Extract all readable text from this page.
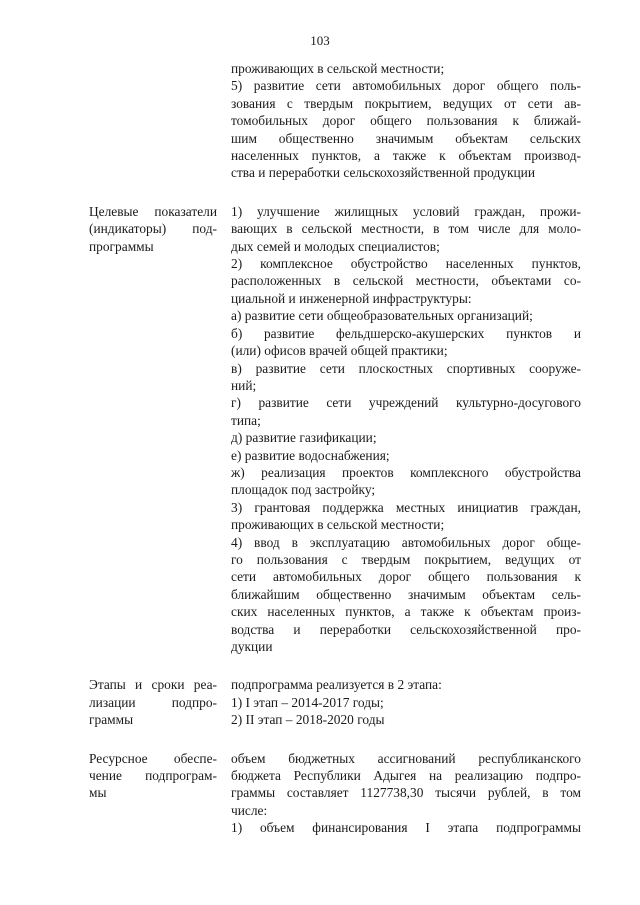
103
проживающих в сельской местности;
5) развитие сети автомобильных дорог общего поль-
зования с твердым покрытием, ведущих от сети ав-
томобильных дорог общего пользования к ближай-
шим общественно значимым объектам сельских
населенных пунктов, а также к объектам производ-
ства и переработки сельскохозяйственной продукции
Целевые показатели
(индикаторы) под-
программы
1) улучшение жилищных условий граждан, прожи-
вающих в сельской местности, в том числе для моло-
дых семей и молодых специалистов;
2) комплексное обустройство населенных пунктов,
расположенных в сельской местности, объектами со-
циальной и инженерной инфраструктуры:
а) развитие сети общеобразовательных организаций;
б) развитие фельдшерско-акушерских пунктов и
(или) офисов врачей общей практики;
в) развитие сети плоскостных спортивных сооруже-
ний;
г) развитие сети учреждений культурно-досугового
типа;
д) развитие газификации;
е) развитие водоснабжения;
ж) реализация проектов комплексного обустройства
площадок под застройку;
3) грантовая поддержка местных инициатив граждан,
проживающих в сельской местности;
4) ввод в эксплуатацию автомобильных дорог обще-
го пользования с твердым покрытием, ведущих от
сети автомобильных дорог общего пользования к
ближайшим общественно значимым объектам сель-
ских населенных пунктов, а также к объектам произ-
водства и переработки сельскохозяйственной про-
дукции
Этапы и сроки реа-
лизации подпро-
граммы
подпрограмма реализуется в 2 этапа:
1) I этап – 2014-2017 годы;
2) II этап – 2018-2020 годы
Ресурсное обеспе-
чение подпрограм-
мы
объем бюджетных ассигнований республиканского
бюджета Республики Адыгея на реализацию подпро-
граммы составляет 1127738,30 тысячи рублей, в том
числе:
1) объем финансирования I этапа подпрограммы
